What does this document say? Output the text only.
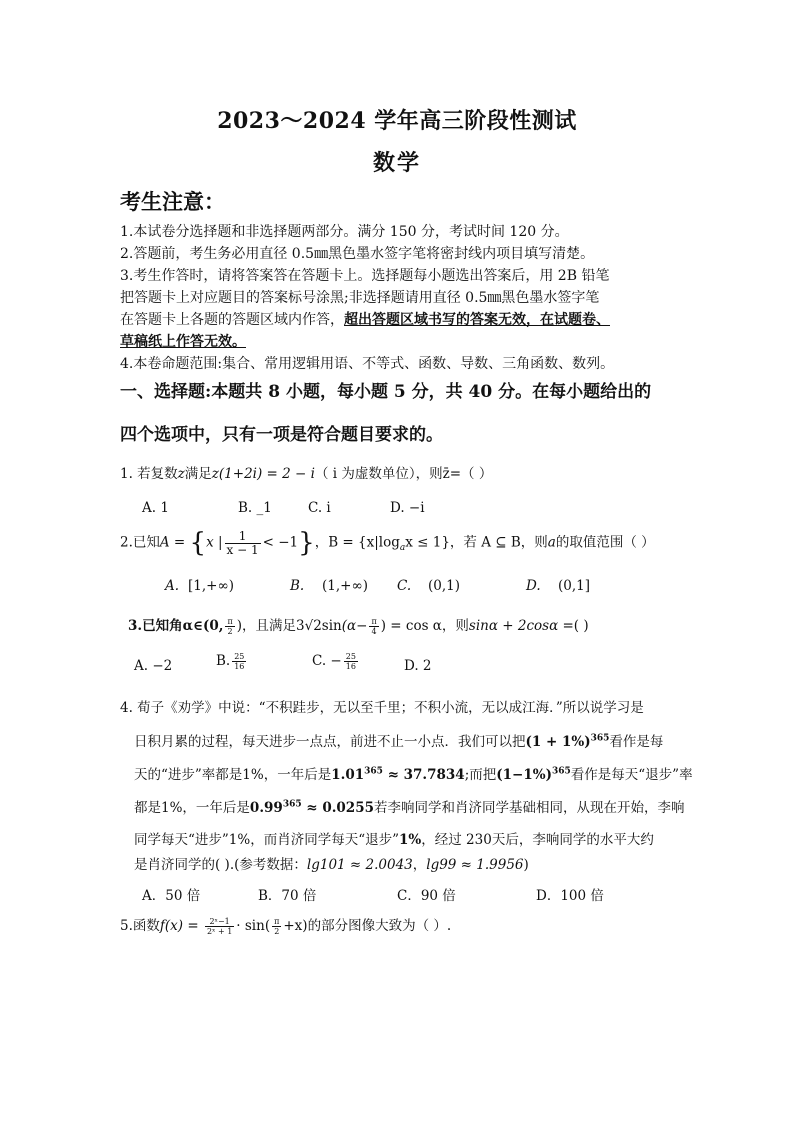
2023～2024 学年高三阶段性测试
数学
考生注意：
1.本试卷分选择题和非选择题两部分。满分 150 分，考试时间 120 分。
2.答题前，考生务必用直径 0.5㎜黑色墨水签字笔将密封线内项目填写清楚。
3.考生作答时，请将答案答在答题卡上。选择题每小题选出答案后，用 2B 铅笔
把答题卡上对应题目的答案标号涂黑;非选择题请用直径 0.5㎜黑色墨水签字笔
在答题卡上各题的答题区域内作答，超出答题区域书写的答案无效，在试题卷、
草稿纸上作答无效。
4.本卷命题范围:集合、常用逻辑用语、不等式、函数、导数、三角函数、数列。
一、选择题:本题共 8 小题，每小题 5 分，共 40 分。在每小题给出的
四个选项中，只有一项是符合题目要求的。
1. 若复数z满足z(1+2i) = 2 − i（ i 为虚数单位），则z̄=（ ）
A. 1	B. _1	C. i	D. −i
2.已知A = {x | $\frac{1}{x - 1} < -1$}，$B = \{x|\log_ax \le 1\}$，若 A ⊆ B，则a的取值范围（ ）
A. [1,+∞)	B. (1,+∞) C. (0,1)	D. (0,1]
3.已知角α∈(0, $\frac{\pi}{2}$ )，且满足$3√2\sin(\alpha- \frac{\pi}{4}$ ) = cos α，则sinα + 2cosα =( )
A. −2	B. $\frac{25}{16}$	C. − $\frac{25}{16}$	D. 2
4. 荀子《劝学》中说：“不积跬步，无以至千里；不积小流，无以成江海．”所以说学习是
日积月累的过程，每天进步一点点，前进不止一小点．我们可以把$(1 + 1\%)^{365}$看作是每
天的“进步”率都是1%，一年后是$1.01^{365} \approx 37.7834$;而把$(1-1\%)^{365}$看作是每天“退步”率
都是1%，一年后是$0.99^{365} \approx 0.0255$若李响同学和肖济同学基础相同，从现在开始，李响
同学每天“进步”1%，而肖济同学每天“退步”1%，经过 230天后，李响同学的水平大约
是肖济同学的( ).(参考数据：lg101 ≈ 2.0043，lg99 ≈ 1.9956)
A．50 倍	B．70 倍	C．90 倍	D．100 倍
5.函数$f(x) = \frac{\text{2ˣ−1}}{\text{2ˣ + 1}} \cdot \sin( \frac{\pi}{2} +x)$的部分图像大致为（ ）.
